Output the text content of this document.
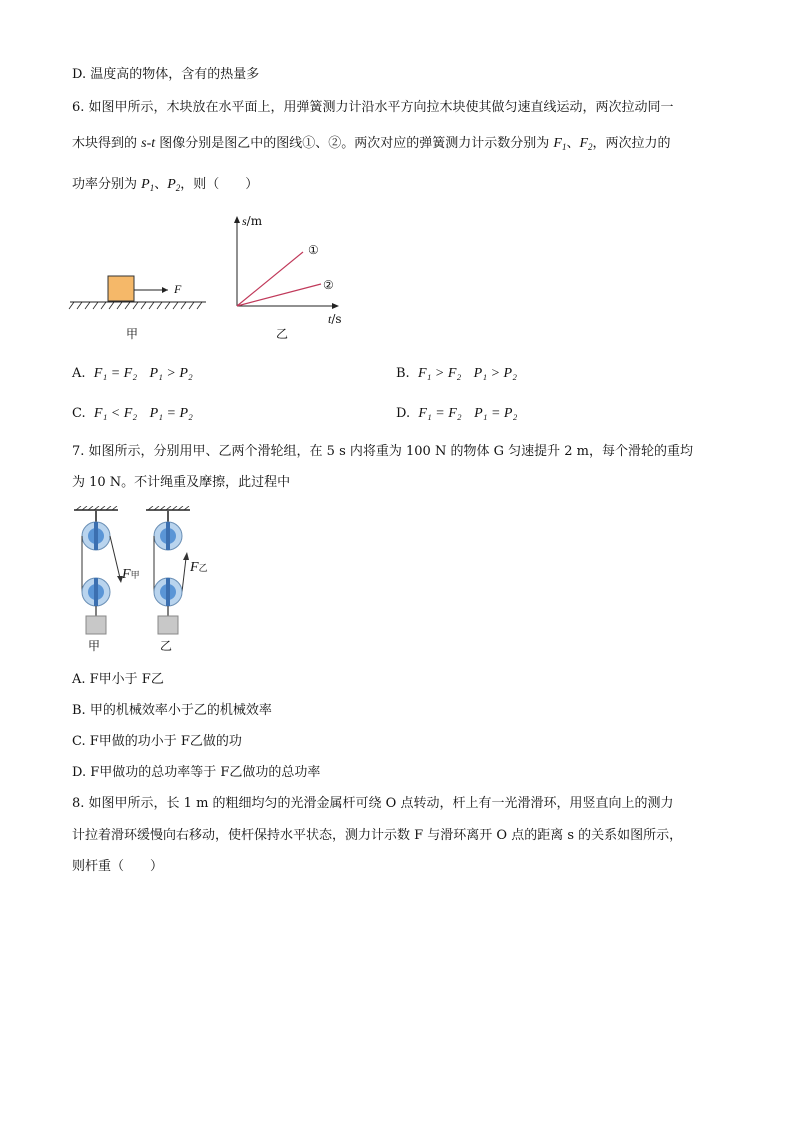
D. 温度高的物体，含有的热量多
6. 如图甲所示，木块放在水平面上，用弹簧测力计沿水平方向拉木块使其做匀速直线运动，两次拉动同一
木块得到的 s-t 图像分别是图乙中的图线①、②。两次对应的弹簧测力计示数分别为 $F_1$、$F_2$，两次拉力的
功率分别为 $P_1$、$P_2$，则（　　）
F
甲
s/m
t/s
①
②
乙
A. F₁ = F₂ P₁ > P₂	B. F₁ > F₂ P₁ > P₂
C. F₁ < F₂ P₁ = P₂	D. F₁ = F₂ P₁ = P₂
7. 如图所示，分别用甲、乙两个滑轮组，在 5 s 内将重为 100 N 的物体 G 匀速提升 2 m，每个滑轮的重均
为 10 N。不计绳重及摩擦，此过程中
F甲
甲
F乙
乙
A. F甲小于 F乙
B. 甲的机械效率小于乙的机械效率
C. F甲做的功小于 F乙做的功
D. F甲做功的总功率等于 F乙做功的总功率
8. 如图甲所示，长 1 m 的粗细均匀的光滑金属杆可绕 O 点转动，杆上有一光滑滑环，用竖直向上的测力
计拉着滑环缓慢向右移动，使杆保持水平状态，测力计示数 F 与滑环离开 O 点的距离 s 的关系如图所示，
则杆重（　　）
